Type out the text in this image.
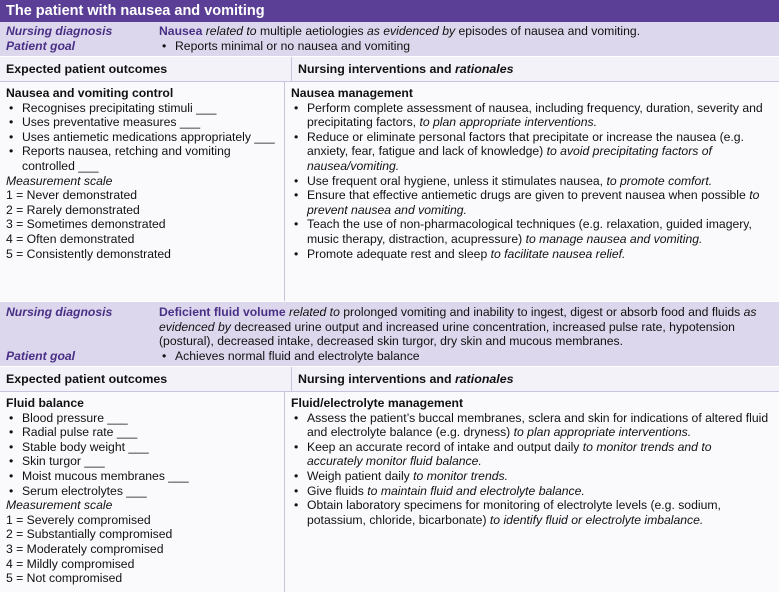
The patient with nausea and vomiting
Nursing diagnosis
Patient goal
Nausea related to multiple aetiologies as evidenced by episodes of nausea and vomiting.
• Reports minimal or no nausea and vomiting
Expected patient outcomes	Nursing interventions and rationales
Nausea and vomiting control
• Recognises precipitating stimuli ___
• Uses preventative measures ___
• Uses antiemetic medications appropriately ___
• Reports nausea, retching and vomiting controlled ___
Measurement scale
1 = Never demonstrated
2 = Rarely demonstrated
3 = Sometimes demonstrated
4 = Often demonstrated
5 = Consistently demonstrated
Nausea management
• Perform complete assessment of nausea, including frequency, duration, severity and precipitating factors, to plan appropriate interventions.
• Reduce or eliminate personal factors that precipitate or increase the nausea (e.g. anxiety, fear, fatigue and lack of knowledge) to avoid precipitating factors of nausea/vomiting.
• Use frequent oral hygiene, unless it stimulates nausea, to promote comfort.
• Ensure that effective antiemetic drugs are given to prevent nausea when possible to prevent nausea and vomiting.
• Teach the use of non-pharmacological techniques (e.g. relaxation, guided imagery, music therapy, distraction, acupressure) to manage nausea and vomiting.
• Promote adequate rest and sleep to facilitate nausea relief.
Nursing diagnosis
Patient goal
Deficient fluid volume related to prolonged vomiting and inability to ingest, digest or absorb food and fluids as evidenced by decreased urine output and increased urine concentration, increased pulse rate, hypotension (postural), decreased intake, decreased skin turgor, dry skin and mucous membranes.
• Achieves normal fluid and electrolyte balance
Expected patient outcomes	Nursing interventions and rationales
Fluid balance
• Blood pressure ___
• Radial pulse rate ___
• Stable body weight ___
• Skin turgor ___
• Moist mucous membranes ___
• Serum electrolytes ___
Measurement scale
1 = Severely compromised
2 = Substantially compromised
3 = Moderately compromised
4 = Mildly compromised
5 = Not compromised
Fluid/electrolyte management
• Assess the patient’s buccal membranes, sclera and skin for indications of altered fluid and electrolyte balance (e.g. dryness) to plan appropriate interventions.
• Keep an accurate record of intake and output daily to monitor trends and to accurately monitor fluid balance.
• Weigh patient daily to monitor trends.
• Give fluids to maintain fluid and electrolyte balance.
• Obtain laboratory specimens for monitoring of electrolyte levels (e.g. sodium, potassium, chloride, bicarbonate) to identify fluid or electrolyte imbalance.
